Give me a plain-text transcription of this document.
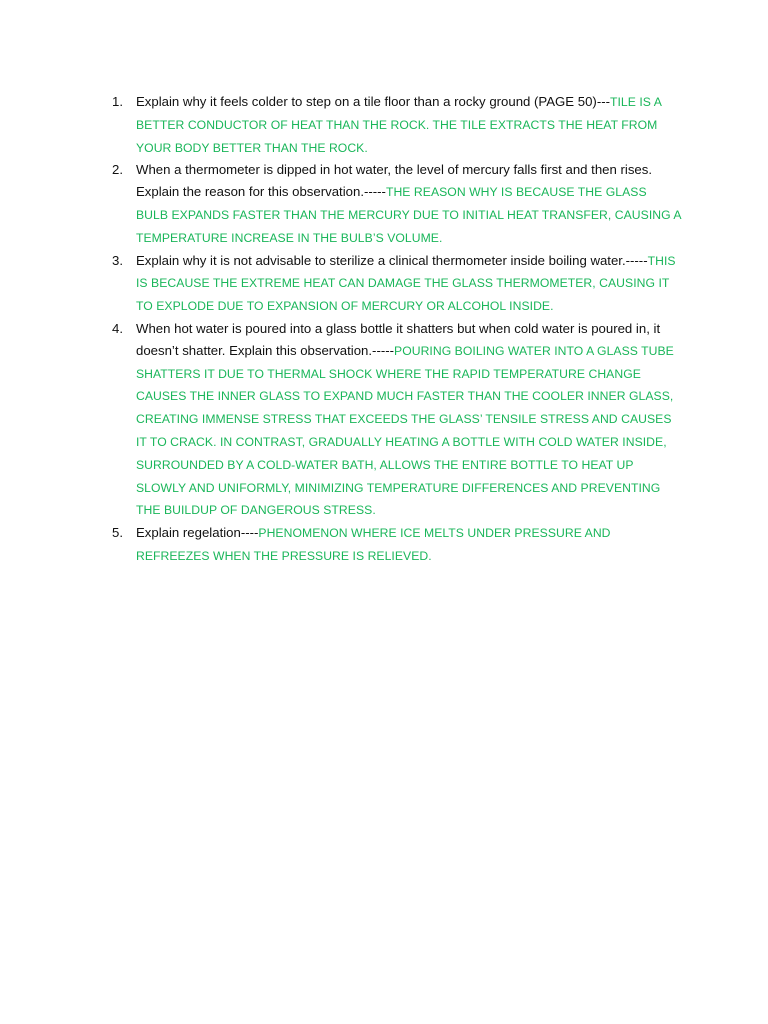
1. Explain why it feels colder to step on a tile floor than a rocky ground (PAGE 50)---TILE IS A BETTER CONDUCTOR OF HEAT THAN THE ROCK. THE TILE EXTRACTS THE HEAT FROM YOUR BODY BETTER THAN THE ROCK.
2. When a thermometer is dipped in hot water, the level of mercury falls first and then rises. Explain the reason for this observation.-----THE REASON WHY IS BECAUSE THE GLASS BULB EXPANDS FASTER THAN THE MERCURY DUE TO INITIAL HEAT TRANSFER, CAUSING A TEMPERATURE INCREASE IN THE BULB’S VOLUME.
3. Explain why it is not advisable to sterilize a clinical thermometer inside boiling water.-----THIS IS BECAUSE THE EXTREME HEAT CAN DAMAGE THE GLASS THERMOMETER, CAUSING IT TO EXPLODE DUE TO EXPANSION OF MERCURY OR ALCOHOL INSIDE.
4. When hot water is poured into a glass bottle it shatters but when cold water is poured in, it doesn’t shatter. Explain this observation.-----POURING BOILING WATER INTO A GLASS TUBE SHATTERS IT DUE TO THERMAL SHOCK WHERE THE RAPID TEMPERATURE CHANGE CAUSES THE INNER GLASS TO EXPAND MUCH FASTER THAN THE COOLER INNER GLASS, CREATING IMMENSE STRESS THAT EXCEEDS THE GLASS’ TENSILE STRESS AND CAUSES IT TO CRACK. IN CONTRAST, GRADUALLY HEATING A BOTTLE WITH COLD WATER INSIDE, SURROUNDED BY A COLD-WATER BATH, ALLOWS THE ENTIRE BOTTLE TO HEAT UP SLOWLY AND UNIFORMLY, MINIMIZING TEMPERATURE DIFFERENCES AND PREVENTING THE BUILDUP OF DANGEROUS STRESS.
5. Explain regelation----PHENOMENON WHERE ICE MELTS UNDER PRESSURE AND REFREEZES WHEN THE PRESSURE IS RELIEVED.
